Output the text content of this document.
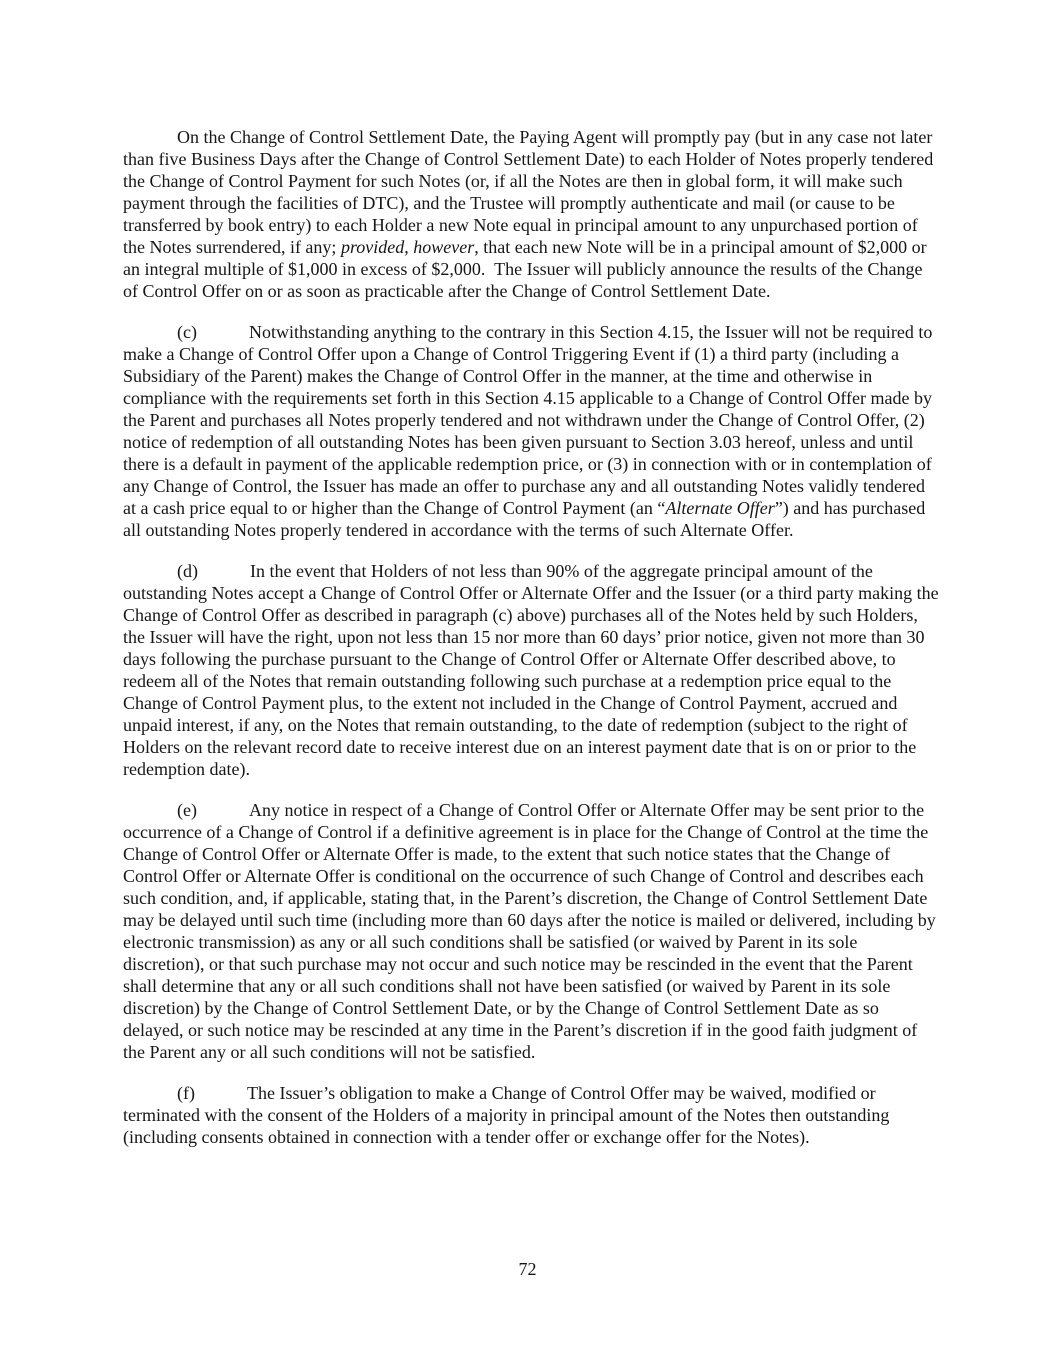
On the Change of Control Settlement Date, the Paying Agent will promptly pay (but in any case not later than five Business Days after the Change of Control Settlement Date) to each Holder of Notes properly tendered the Change of Control Payment for such Notes (or, if all the Notes are then in global form, it will make such payment through the facilities of DTC), and the Trustee will promptly authenticate and mail (or cause to be transferred by book entry) to each Holder a new Note equal in principal amount to any unpurchased portion of the Notes surrendered, if any; provided, however, that each new Note will be in a principal amount of $2,000 or an integral multiple of $1,000 in excess of $2,000.  The Issuer will publicly announce the results of the Change of Control Offer on or as soon as practicable after the Change of Control Settlement Date.

(c)	Notwithstanding anything to the contrary in this Section 4.15, the Issuer will not be required to make a Change of Control Offer upon a Change of Control Triggering Event if (1) a third party (including a Subsidiary of the Parent) makes the Change of Control Offer in the manner, at the time and otherwise in compliance with the requirements set forth in this Section 4.15 applicable to a Change of Control Offer made by the Parent and purchases all Notes properly tendered and not withdrawn under the Change of Control Offer, (2) notice of redemption of all outstanding Notes has been given pursuant to Section 3.03 hereof, unless and until there is a default in payment of the applicable redemption price, or (3) in connection with or in contemplation of any Change of Control, the Issuer has made an offer to purchase any and all outstanding Notes validly tendered at a cash price equal to or higher than the Change of Control Payment (an “Alternate Offer”) and has purchased all outstanding Notes properly tendered in accordance with the terms of such Alternate Offer.

(d)	In the event that Holders of not less than 90% of the aggregate principal amount of the outstanding Notes accept a Change of Control Offer or Alternate Offer and the Issuer (or a third party making the Change of Control Offer as described in paragraph (c) above) purchases all of the Notes held by such Holders, the Issuer will have the right, upon not less than 15 nor more than 60 days’ prior notice, given not more than 30 days following the purchase pursuant to the Change of Control Offer or Alternate Offer described above, to redeem all of the Notes that remain outstanding following such purchase at a redemption price equal to the Change of Control Payment plus, to the extent not included in the Change of Control Payment, accrued and unpaid interest, if any, on the Notes that remain outstanding, to the date of redemption (subject to the right of Holders on the relevant record date to receive interest due on an interest payment date that is on or prior to the redemption date).

(e)	Any notice in respect of a Change of Control Offer or Alternate Offer may be sent prior to the occurrence of a Change of Control if a definitive agreement is in place for the Change of Control at the time the Change of Control Offer or Alternate Offer is made, to the extent that such notice states that the Change of Control Offer or Alternate Offer is conditional on the occurrence of such Change of Control and describes each such condition, and, if applicable, stating that, in the Parent’s discretion, the Change of Control Settlement Date may be delayed until such time (including more than 60 days after the notice is mailed or delivered, including by electronic transmission) as any or all such conditions shall be satisfied (or waived by Parent in its sole discretion), or that such purchase may not occur and such notice may be rescinded in the event that the Parent shall determine that any or all such conditions shall not have been satisfied (or waived by Parent in its sole discretion) by the Change of Control Settlement Date, or by the Change of Control Settlement Date as so delayed, or such notice may be rescinded at any time in the Parent’s discretion if in the good faith judgment of the Parent any or all such conditions will not be satisfied.

(f)	The Issuer’s obligation to make a Change of Control Offer may be waived, modified or terminated with the consent of the Holders of a majority in principal amount of the Notes then outstanding (including consents obtained in connection with a tender offer or exchange offer for the Notes).

72
